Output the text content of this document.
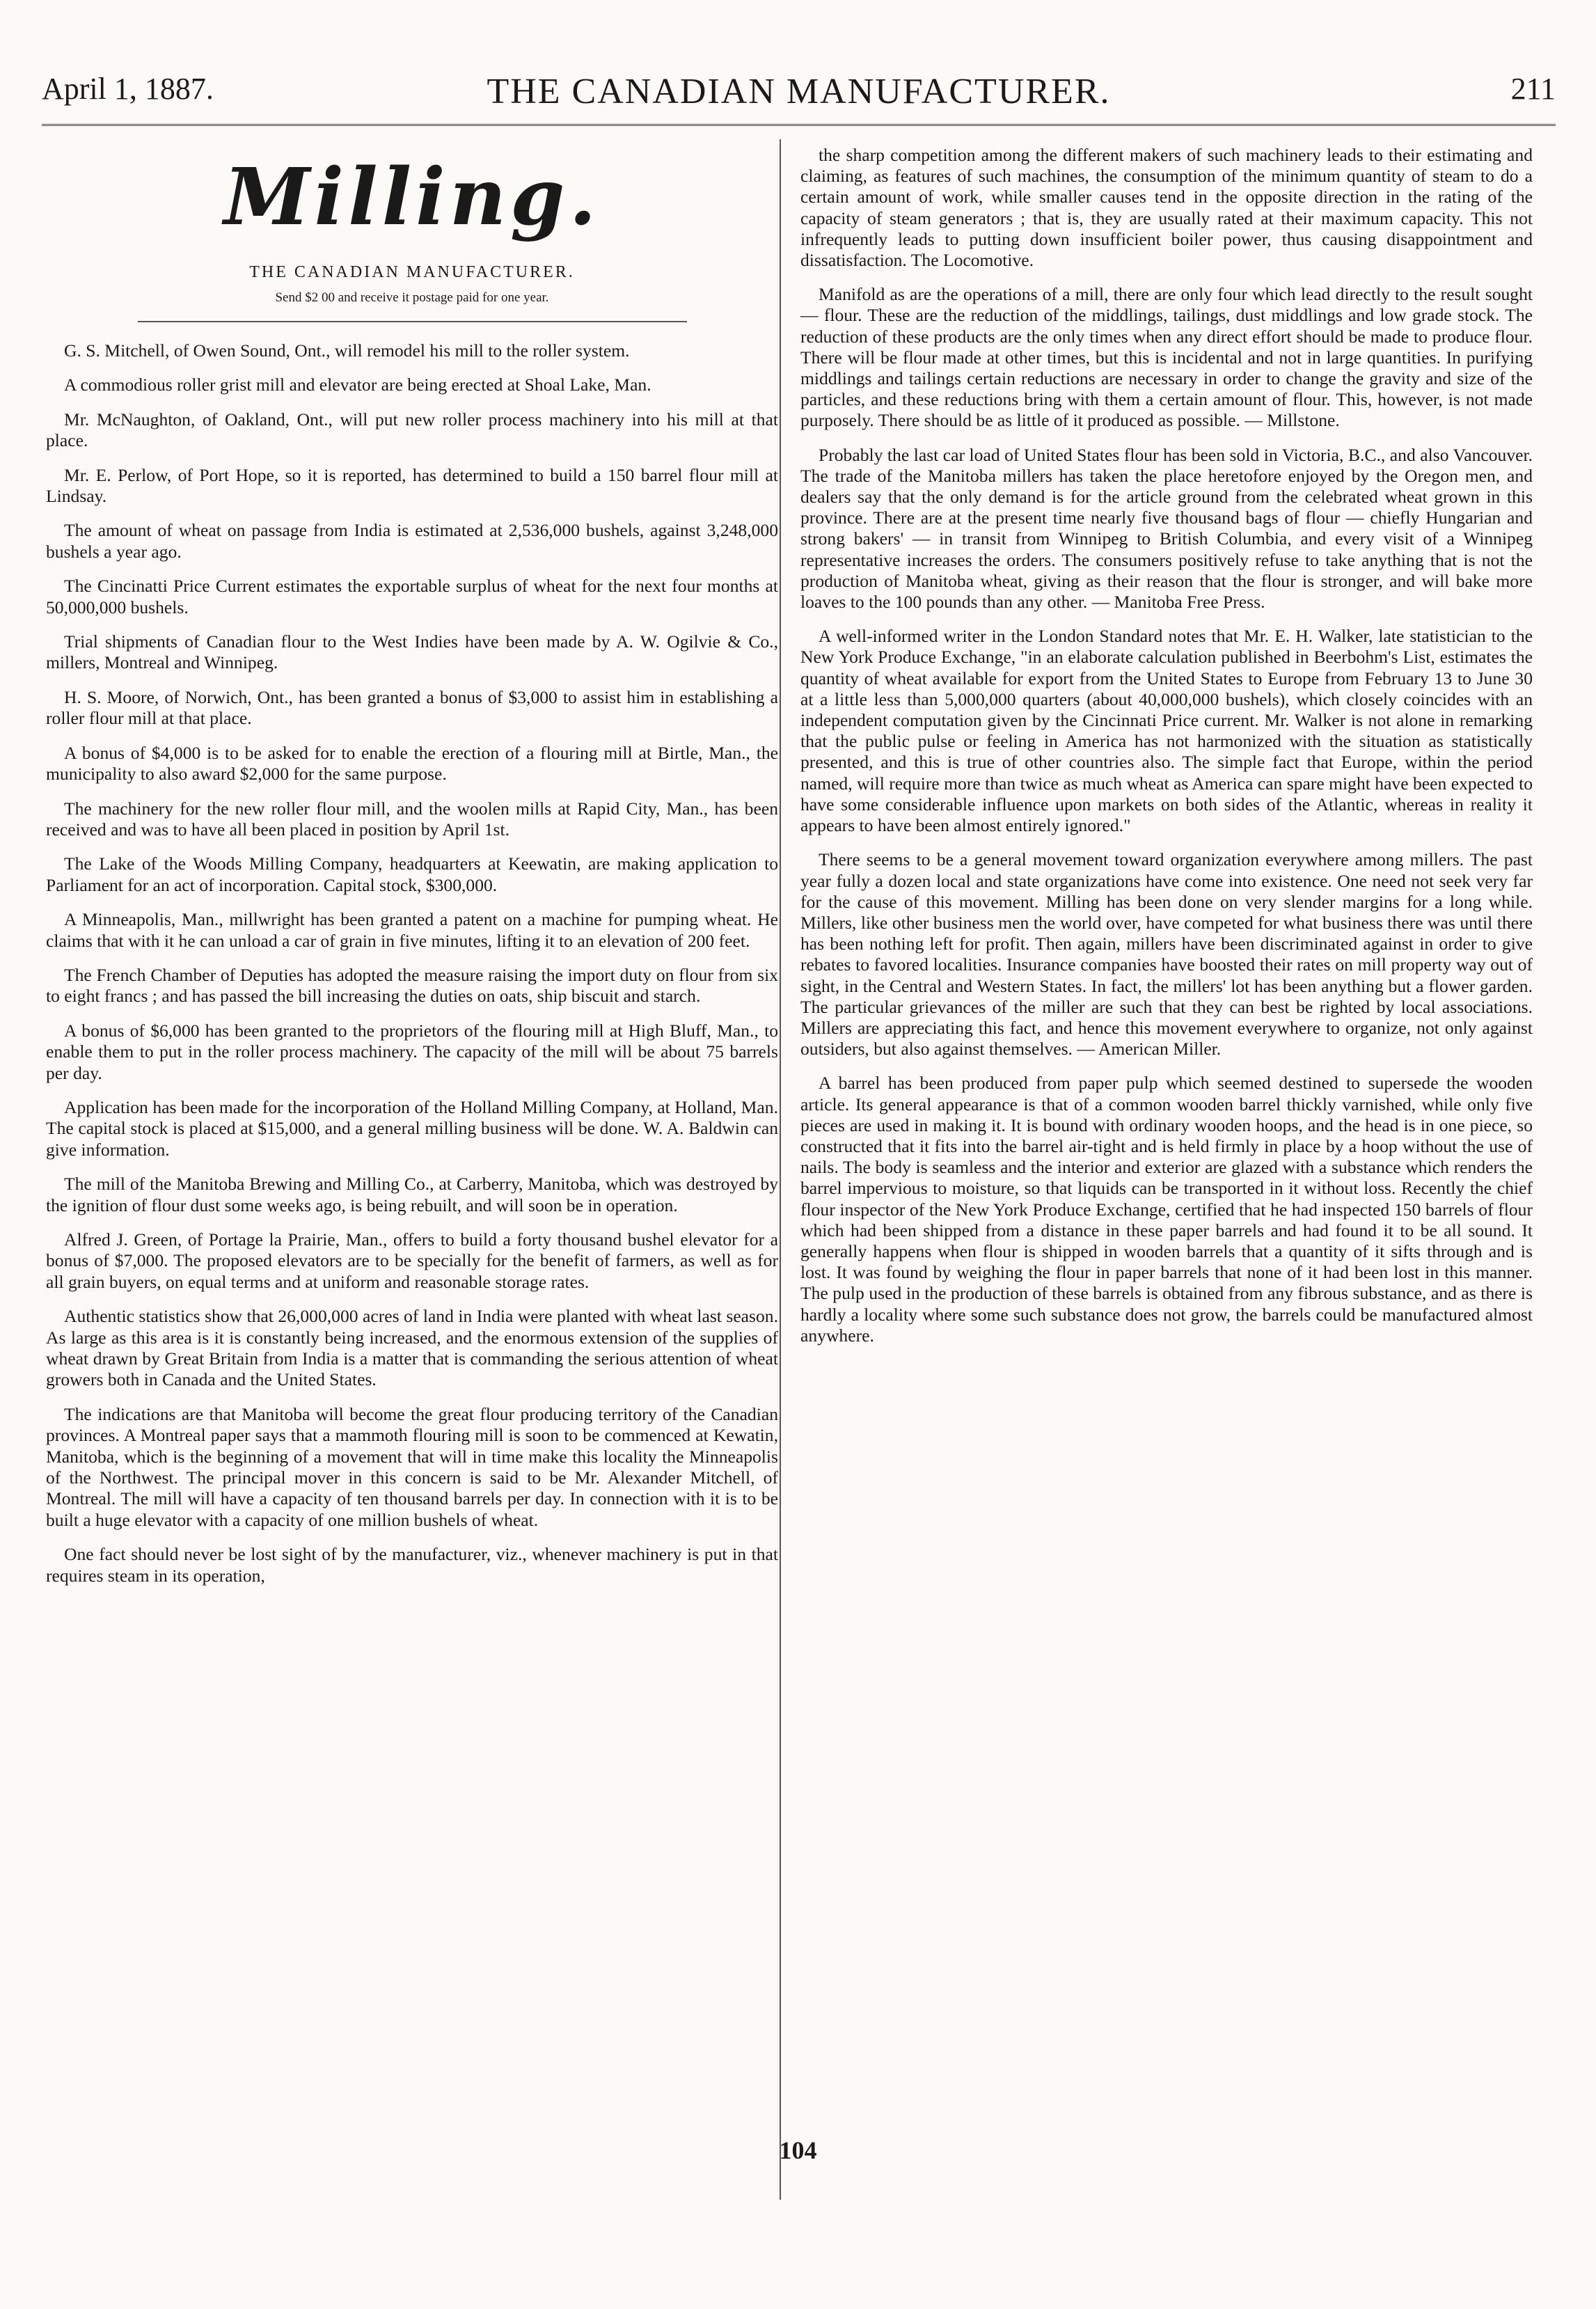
April 1, 1887.	THE CANADIAN MANUFACTURER.	211
Milling.
THE CANADIAN MANUFACTURER.
Send $2 00 and receive it postage paid for one year.

G. S. Mitchell, of Owen Sound, Ont., will remodel his mill to the roller system.

A commodious roller grist mill and elevator are being erected at Shoal Lake, Man.

Mr. McNaughton, of Oakland, Ont., will put new roller process machinery into his mill at that place.

Mr. E. Perlow, of Port Hope, so it is reported, has determined to build a 150 barrel flour mill at Lindsay.

The amount of wheat on passage from India is estimated at 2,536,000 bushels, against 3,248,000 bushels a year ago.

The Cincinatti Price Current estimates the exportable surplus of wheat for the next four months at 50,000,000 bushels.

Trial shipments of Canadian flour to the West Indies have been made by A. W. Ogilvie & Co., millers, Montreal and Winnipeg.

H. S. Moore, of Norwich, Ont., has been granted a bonus of $3,000 to assist him in establishing a roller flour mill at that place.

A bonus of $4,000 is to be asked for to enable the erection of a flouring mill at Birtle, Man., the municipality to also award $2,000 for the same purpose.

The machinery for the new roller flour mill, and the woolen mills at Rapid City, Man., has been received and was to have all been placed in position by April 1st.

The Lake of the Woods Milling Company, headquarters at Keewatin, are making application to Parliament for an act of incorporation. Capital stock, $300,000.

A Minneapolis, Man., millwright has been granted a patent on a machine for pumping wheat. He claims that with it he can unload a car of grain in five minutes, lifting it to an elevation of 200 feet.

The French Chamber of Deputies has adopted the measure raising the import duty on flour from six to eight francs ; and has passed the bill increasing the duties on oats, ship biscuit and starch.

A bonus of $6,000 has been granted to the proprietors of the flouring mill at High Bluff, Man., to enable them to put in the roller process machinery. The capacity of the mill will be about 75 barrels per day.

Application has been made for the incorporation of the Holland Milling Company, at Holland, Man. The capital stock is placed at $15,000, and a general milling business will be done. W. A. Baldwin can give information.

The mill of the Manitoba Brewing and Milling Co., at Carberry, Manitoba, which was destroyed by the ignition of flour dust some weeks ago, is being rebuilt, and will soon be in operation.

Alfred J. Green, of Portage la Prairie, Man., offers to build a forty thousand bushel elevator for a bonus of $7,000. The proposed elevators are to be specially for the benefit of farmers, as well as for all grain buyers, on equal terms and at uniform and reasonable storage rates.

Authentic statistics show that 26,000,000 acres of land in India were planted with wheat last season. As large as this area is it is constantly being increased, and the enormous extension of the supplies of wheat drawn by Great Britain from India is a matter that is commanding the serious attention of wheat growers both in Canada and the United States.

The indications are that Manitoba will become the great flour producing territory of the Canadian provinces. A Montreal paper says that a mammoth flouring mill is soon to be commenced at Kewatin, Manitoba, which is the beginning of a movement that will in time make this locality the Minneapolis of the Northwest. The principal mover in this concern is said to be Mr. Alexander Mitchell, of Montreal. The mill will have a capacity of ten thousand barrels per day. In connection with it is to be built a huge elevator with a capacity of one million bushels of wheat.

One fact should never be lost sight of by the manufacturer, viz., whenever machinery is put in that requires steam in its operation,

the sharp competition among the different makers of such machinery leads to their estimating and claiming, as features of such machines, the consumption of the minimum quantity of steam to do a certain amount of work, while smaller causes tend in the opposite direction in the rating of the capacity of steam generators ; that is, they are usually rated at their maximum capacity. This not infrequently leads to putting down insufficient boiler power, thus causing disappointment and dissatisfaction. The Locomotive.

Manifold as are the operations of a mill, there are only four which lead directly to the result sought — flour. These are the reduction of the middlings, tailings, dust middlings and low grade stock. The reduction of these products are the only times when any direct effort should be made to produce flour. There will be flour made at other times, but this is incidental and not in large quantities. In purifying middlings and tailings certain reductions are necessary in order to change the gravity and size of the particles, and these reductions bring with them a certain amount of flour. This, however, is not made purposely. There should be as little of it produced as possible. — Millstone.

Probably the last car load of United States flour has been sold in Victoria, B.C., and also Vancouver. The trade of the Manitoba millers has taken the place heretofore enjoyed by the Oregon men, and dealers say that the only demand is for the article ground from the celebrated wheat grown in this province. There are at the present time nearly five thousand bags of flour — chiefly Hungarian and strong bakers' — in transit from Winnipeg to British Columbia, and every visit of a Winnipeg representative increases the orders. The consumers positively refuse to take anything that is not the production of Manitoba wheat, giving as their reason that the flour is stronger, and will bake more loaves to the 100 pounds than any other. — Manitoba Free Press.

A well-informed writer in the London Standard notes that Mr. E. H. Walker, late statistician to the New York Produce Exchange, "in an elaborate calculation published in Beerbohm's List, estimates the quantity of wheat available for export from the United States to Europe from February 13 to June 30 at a little less than 5,000,000 quarters (about 40,000,000 bushels), which closely coincides with an independent computation given by the Cincinnati Price current. Mr. Walker is not alone in remarking that the public pulse or feeling in America has not harmonized with the situation as statistically presented, and this is true of other countries also. The simple fact that Europe, within the period named, will require more than twice as much wheat as America can spare might have been expected to have some considerable influence upon markets on both sides of the Atlantic, whereas in reality it appears to have been almost entirely ignored."

There seems to be a general movement toward organization everywhere among millers. The past year fully a dozen local and state organizations have come into existence. One need not seek very far for the cause of this movement. Milling has been done on very slender margins for a long while. Millers, like other business men the world over, have competed for what business there was until there has been nothing left for profit. Then again, millers have been discriminated against in order to give rebates to favored localities. Insurance companies have boosted their rates on mill property way out of sight, in the Central and Western States. In fact, the millers' lot has been anything but a flower garden. The particular grievances of the miller are such that they can best be righted by local associations. Millers are appreciating this fact, and hence this movement everywhere to organize, not only against outsiders, but also against themselves. — American Miller.

A barrel has been produced from paper pulp which seemed destined to supersede the wooden article. Its general appearance is that of a common wooden barrel thickly varnished, while only five pieces are used in making it. It is bound with ordinary wooden hoops, and the head is in one piece, so constructed that it fits into the barrel air-tight and is held firmly in place by a hoop without the use of nails. The body is seamless and the interior and exterior are glazed with a substance which renders the barrel impervious to moisture, so that liquids can be transported in it without loss. Recently the chief flour inspector of the New York Produce Exchange, certified that he had inspected 150 barrels of flour which had been shipped from a distance in these paper barrels and had found it to be all sound. It generally happens when flour is shipped in wooden barrels that a quantity of it sifts through and is lost. It was found by weighing the flour in paper barrels that none of it had been lost in this manner. The pulp used in the production of these barrels is obtained from any fibrous substance, and as there is hardly a locality where some such substance does not grow, the barrels could be manufactured almost anywhere.

104
